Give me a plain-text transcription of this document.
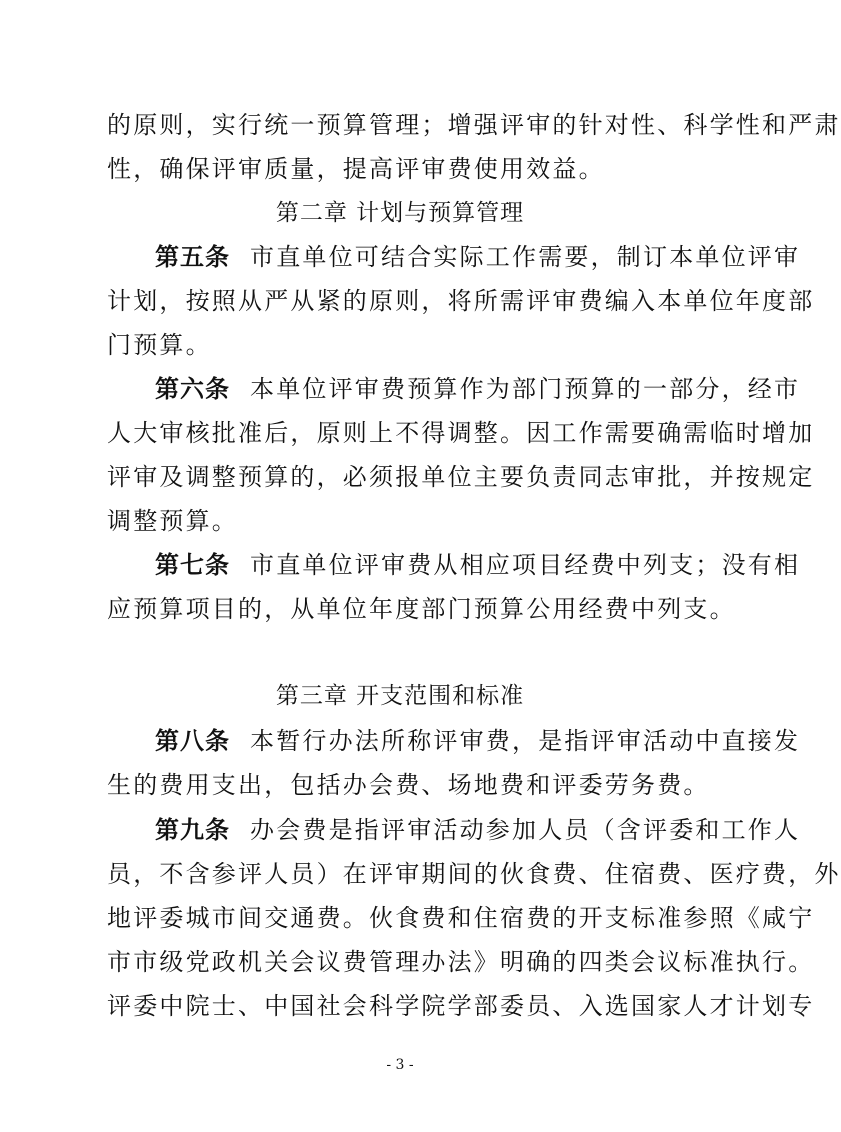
的原则，实行统一预算管理；增强评审的针对性、科学性和严肃
性，确保评审质量，提高评审费使用效益。
第二章 计划与预算管理
第五条 市直单位可结合实际工作需要，制订本单位评审
计划，按照从严从紧的原则，将所需评审费编入本单位年度部
门预算。
第六条 本单位评审费预算作为部门预算的一部分，经市
人大审核批准后，原则上不得调整。因工作需要确需临时增加
评审及调整预算的，必须报单位主要负责同志审批，并按规定
调整预算。
第七条 市直单位评审费从相应项目经费中列支；没有相
应预算项目的，从单位年度部门预算公用经费中列支。
第三章 开支范围和标准
第八条 本暂行办法所称评审费，是指评审活动中直接发
生的费用支出，包括办会费、场地费和评委劳务费。
第九条 办会费是指评审活动参加人员（含评委和工作人
员，不含参评人员）在评审期间的伙食费、住宿费、医疗费，外
地评委城市间交通费。伙食费和住宿费的开支标准参照《咸宁
市市级党政机关会议费管理办法》明确的四类会议标准执行。
评委中院士、中国社会科学院学部委员、入选国家人才计划专
- 3 -
